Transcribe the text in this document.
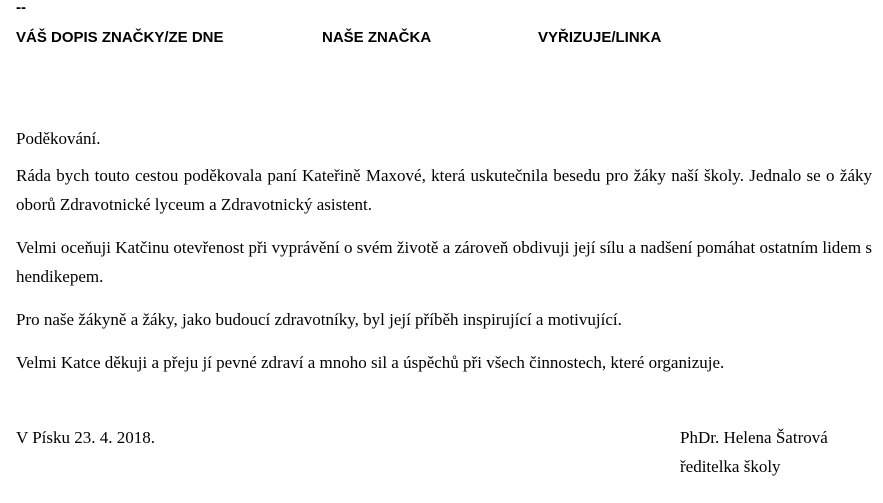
--
VÁŠ DOPIS ZNAČKY/ZE DNE	NAŠE ZNAČKA	VYŘIZUJE/LINKA
Poděkování.

Ráda bych touto cestou poděkovala paní Kateřině Maxové, která uskutečnila besedu pro žáky naší školy. Jednalo se o žáky oborů Zdravotnické lyceum a Zdravotnický asistent.

Velmi oceňuji Katčinu otevřenost při vyprávění o svém životě a zároveň obdivuji její sílu a nadšení pomáhat ostatním lidem s hendikepem.

Pro naše žákyně a žáky, jako budoucí zdravotníky, byl její příběh inspirující a motivující.

Velmi Katce děkuji a přeju jí pevné zdraví a mnoho sil a úspěchů při všech činnostech, které organizuje.

V Písku 23. 4. 2018.	PhDr. Helena Šatrová
ředitelka školy
